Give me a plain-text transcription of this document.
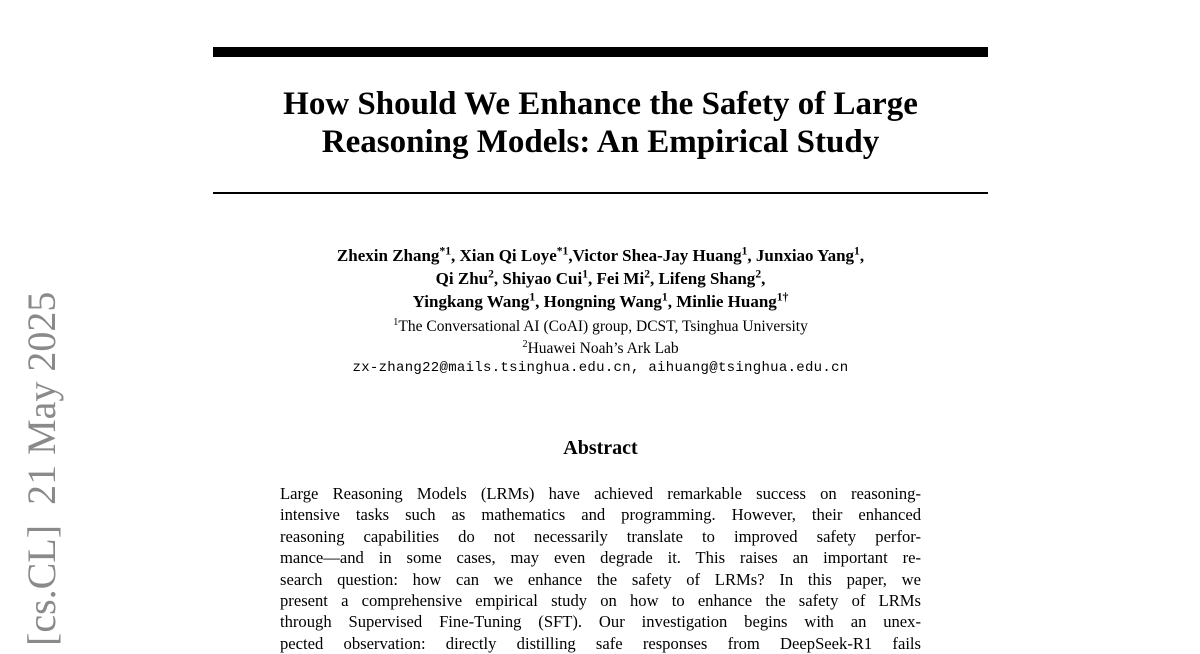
[cs.CL]  21 May 2025
How Should We Enhance the Safety of Large
Reasoning Models: An Empirical Study
Zhexin Zhang$^{*1}$, Xian Qi Loye$^{*1}$,Victor Shea-Jay Huang$^1$, Junxiao Yang$^1$,
Qi Zhu$^2$, Shiyao Cui$^1$, Fei Mi$^2$, Lifeng Shang$^2$,
Yingkang Wang$^1$, Hongning Wang$^1$, Minlie Huang$^{1\dagger}$
$^1$The Conversational AI (CoAI) group, DCST, Tsinghua University
$^2$Huawei Noah’s Ark Lab
zx-zhang22@mails.tsinghua.edu.cn, aihuang@tsinghua.edu.cn
Abstract
Large Reasoning Models (LRMs) have achieved remarkable success on reasoning-
intensive tasks such as mathematics and programming. However, their enhanced
reasoning capabilities do not necessarily translate to improved safety perfor-
mance—and in some cases, may even degrade it. This raises an important re-
search question: how can we enhance the safety of LRMs? In this paper, we
present a comprehensive empirical study on how to enhance the safety of LRMs
through Supervised Fine-Tuning (SFT). Our investigation begins with an unex-
pected observation: directly distilling safe responses from DeepSeek-R1 fails
